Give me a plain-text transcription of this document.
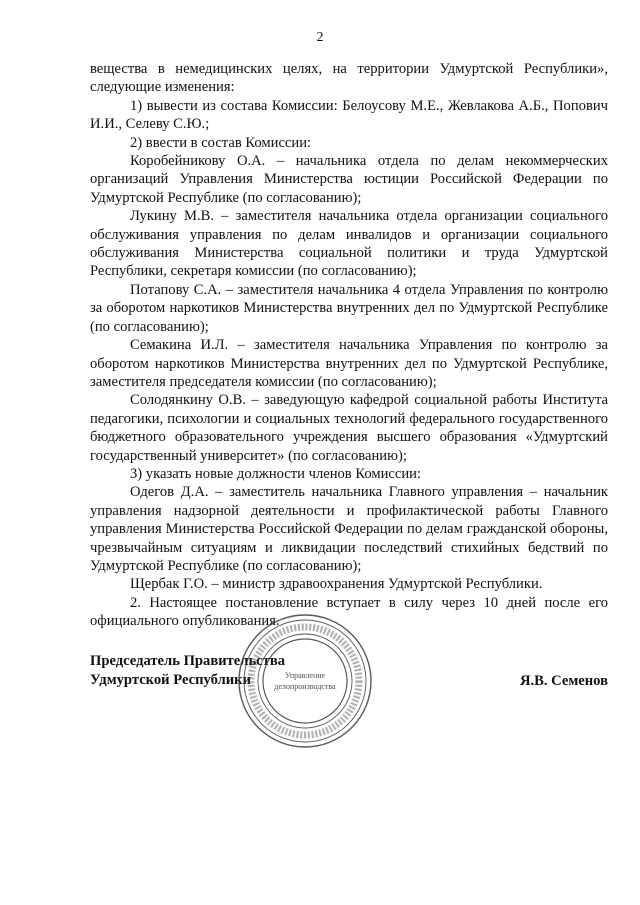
2

вещества в немедицинских целях, на территории Удмуртской Республики», следующие изменения:

1) вывести из состава Комиссии: Белоусову М.Е., Жевлакова А.Б., Попович И.И., Селеву С.Ю.;

2) ввести в состав Комиссии:

Коробейникову О.А. – начальника отдела по делам некоммерческих организаций Управления Министерства юстиции Российской Федерации по Удмуртской Республике (по согласованию);

Лукину М.В. – заместителя начальника отдела организации социального обслуживания управления по делам инвалидов и организации социального обслуживания Министерства социальной политики и труда Удмуртской Республики, секретаря комиссии (по согласованию);

Потапову С.А. – заместителя начальника 4 отдела Управления по контролю за оборотом наркотиков Министерства внутренних дел по Удмуртской Республике (по согласованию);

Семакина И.Л. – заместителя начальника Управления по контролю за оборотом наркотиков Министерства внутренних дел по Удмуртской Республике, заместителя председателя комиссии (по согласованию);

Солодянкину О.В. – заведующую кафедрой социальной работы Института педагогики, психологии и социальных технологий федерального государственного бюджетного образовательного учреждения высшего образования «Удмуртский государственный университет» (по согласованию);

3) указать новые должности членов Комиссии:

Одегов Д.А. – заместитель начальника Главного управления – начальник управления надзорной деятельности и профилактической работы Главного управления Министерства Российской Федерации по делам гражданской обороны, чрезвычайным ситуациям и ликвидации последствий стихийных бедствий по Удмуртской Республике (по согласованию);

Щербак Г.О. – министр здравоохранения Удмуртской Республики.

2. Настоящее постановление вступает в силу через 10 дней после его официального опубликования.

Председатель Правительства
Удмуртской Республики	Я.В. Семенов
Управление
делопроизводства
